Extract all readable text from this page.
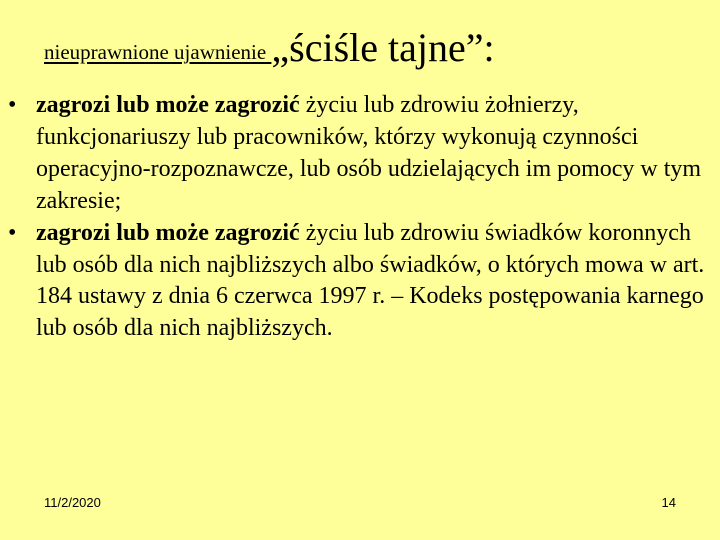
nieuprawnione ujawnienie „ściśle tajne”:
• zagrozi lub może zagrozić życiu lub zdrowiu żołnierzy, funkcjonariuszy lub pracowników, którzy wykonują czynności operacyjno-rozpoznawcze, lub osób udzielających im pomocy w tym zakresie;
• zagrozi lub może zagrozić życiu lub zdrowiu świadków koronnych lub osób dla nich najbliższych albo świadków, o których mowa w art. 184 ustawy z dnia 6 czerwca 1997 r. – Kodeks postępowania karnego lub osób dla nich najbliższych.
11/2/2020	14
